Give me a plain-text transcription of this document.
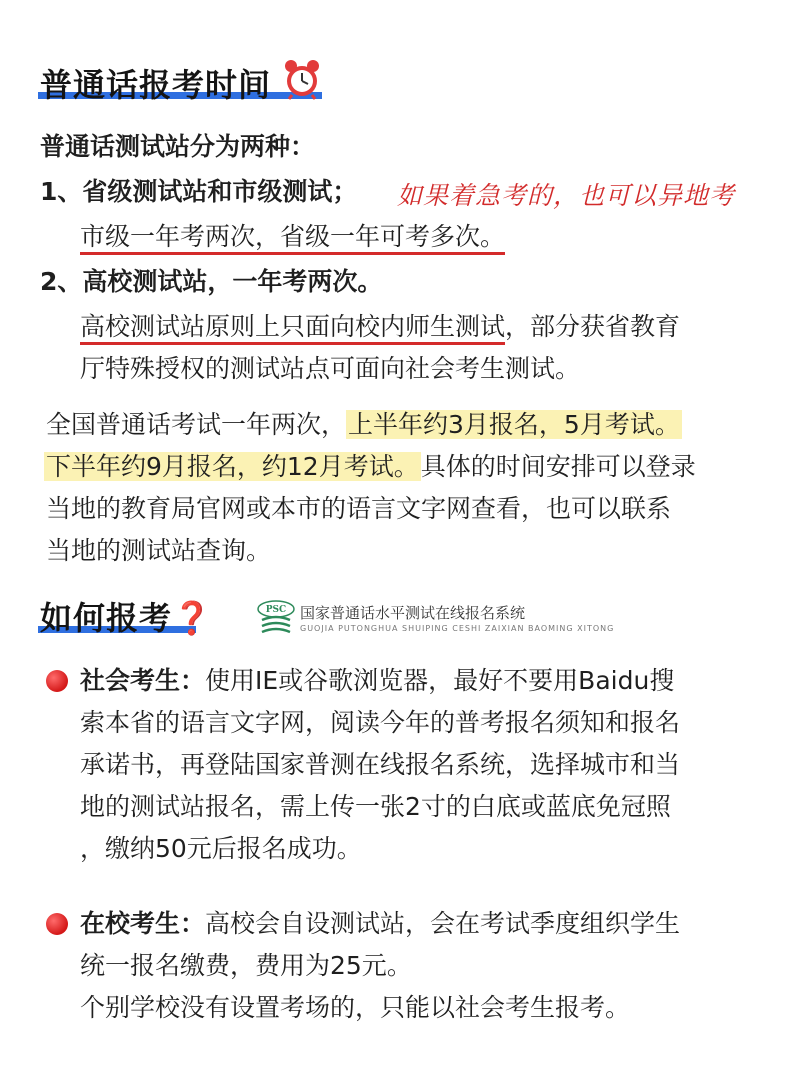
普通话报考时间
普通话测试站分为两种：
1、省级测试站和市级测试； 如果着急考的，也可以异地考
市级一年考两次，省级一年可考多次。
2、高校测试站，一年考两次。
高校测试站原则上只面向校内师生测试，部分获省教育
厅特殊授权的测试站点可面向社会考生测试。
全国普通话考试一年两次，上半年约3月报名，5月考试。
下半年约9月报名，约12月考试。具体的时间安排可以登录
当地的教育局官网或本市的语言文字网查看，也可以联系
当地的测试站查询。
如何报考❓	PSC 国家普通话水平测试在线报名系统
GUOJIA PUTONGHUA SHUIPING CESHI ZAIXIAN BAOMING XITONG
社会考生：使用IE或谷歌浏览器，最好不要用Baidu搜
索本省的语言文字网，阅读今年的普考报名须知和报名
承诺书，再登陆国家普测在线报名系统，选择城市和当
地的测试站报名，需上传一张2寸的白底或蓝底免冠照
，缴纳50元后报名成功。
在校考生：高校会自设测试站，会在考试季度组织学生
统一报名缴费，费用为25元。
个别学校没有设置考场的，只能以社会考生报考。
